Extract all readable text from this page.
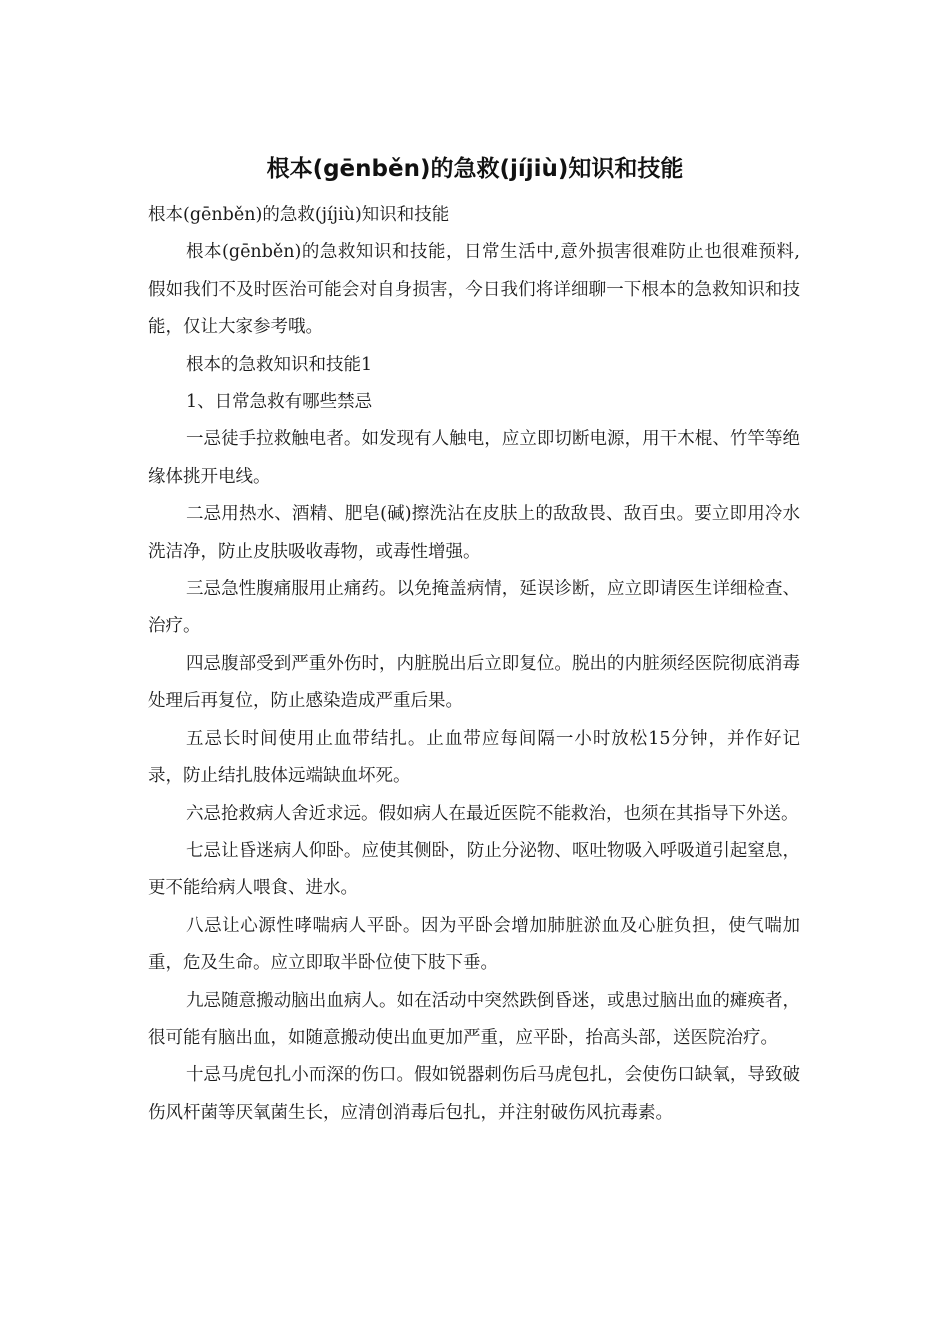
根本(gēnběn)的急救(jíjiù)知识和技能

根本(gēnběn)的急救(jíjiù)知识和技能

根本(gēnběn)的急救知识和技能，日常生活中,意外损害很难防止也很难预料,假如我们不及时医治可能会对自身损害，今日我们将详细聊一下根本的急救知识和技能，仅让大家参考哦。

根本的急救知识和技能1

1、日常急救有哪些禁忌

一忌徒手拉救触电者。如发现有人触电，应立即切断电源，用干木棍、竹竿等绝缘体挑开电线。

二忌用热水、酒精、肥皂(碱)擦洗沾在皮肤上的敌敌畏、敌百虫。要立即用冷水洗洁净，防止皮肤吸收毒物，或毒性增强。

三忌急性腹痛服用止痛药。以免掩盖病情，延误诊断，应立即请医生详细检查、治疗。

四忌腹部受到严重外伤时，内脏脱出后立即复位。脱出的内脏须经医院彻底消毒处理后再复位，防止感染造成严重后果。

五忌长时间使用止血带结扎。止血带应每间隔一小时放松15分钟，并作好记录，防止结扎肢体远端缺血坏死。

六忌抢救病人舍近求远。假如病人在最近医院不能救治，也须在其指导下外送。

七忌让昏迷病人仰卧。应使其侧卧，防止分泌物、呕吐物吸入呼吸道引起窒息，更不能给病人喂食、进水。

八忌让心源性哮喘病人平卧。因为平卧会增加肺脏淤血及心脏负担，使气喘加重，危及生命。应立即取半卧位使下肢下垂。

九忌随意搬动脑出血病人。如在活动中突然跌倒昏迷，或患过脑出血的瘫痪者，很可能有脑出血，如随意搬动使出血更加严重，应平卧，抬高头部，送医院治疗。

十忌马虎包扎小而深的伤口。假如锐器刺伤后马虎包扎，会使伤口缺氧，导致破伤风杆菌等厌氧菌生长，应清创消毒后包扎，并注射破伤风抗毒素。
